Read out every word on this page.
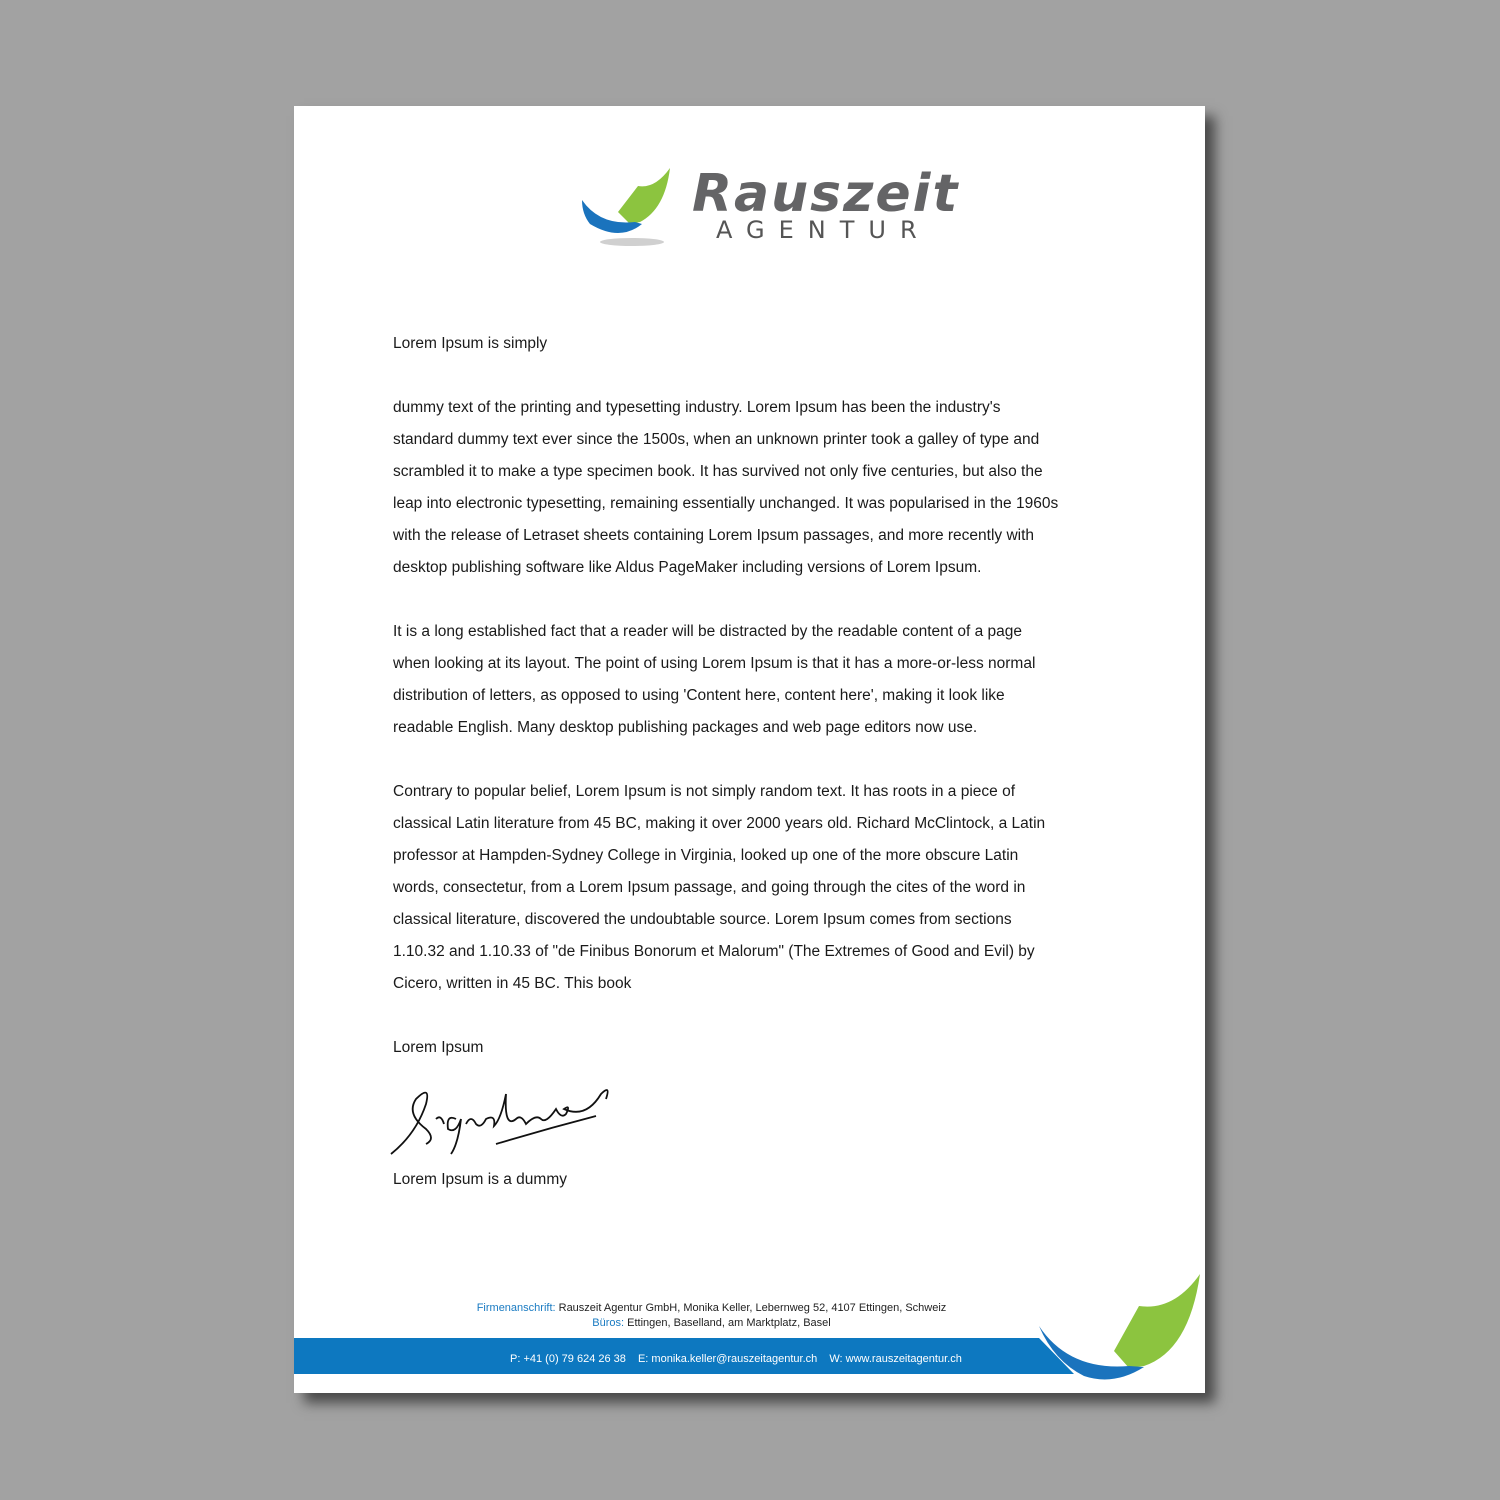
Rauszeit
AGENTUR
Lorem Ipsum is simply
dummy text of the printing and typesetting industry. Lorem Ipsum has been the industry's
standard dummy text ever since the 1500s, when an unknown printer took a galley of type and
scrambled it to make a type specimen book. It has survived not only five centuries, but also the
leap into electronic typesetting, remaining essentially unchanged. It was popularised in the 1960s
with the release of Letraset sheets containing Lorem Ipsum passages, and more recently with
desktop publishing software like Aldus PageMaker including versions of Lorem Ipsum.
It is a long established fact that a reader will be distracted by the readable content of a page
when looking at its layout. The point of using Lorem Ipsum is that it has a more-or-less normal
distribution of letters, as opposed to using 'Content here, content here', making it look like
readable English. Many desktop publishing packages and web page editors now use.
Contrary to popular belief, Lorem Ipsum is not simply random text. It has roots in a piece of
classical Latin literature from 45 BC, making it over 2000 years old. Richard McClintock, a Latin
professor at Hampden-Sydney College in Virginia, looked up one of the more obscure Latin
words, consectetur, from a Lorem Ipsum passage, and going through the cites of the word in
classical literature, discovered the undoubtable source. Lorem Ipsum comes from sections
1.10.32 and 1.10.33 of "de Finibus Bonorum et Malorum" (The Extremes of Good and Evil) by
Cicero, written in 45 BC. This book
Lorem Ipsum
Lorem Ipsum is a dummy
Firmenanschrift: Rauszeit Agentur GmbH, Monika Keller, Lebernweg 52, 4107 Ettingen, Schweiz
Büros: Ettingen, Baselland, am Marktplatz, Basel
P: +41 (0) 79 624 26 38 E: monika.keller@rauszeitagentur.ch W: www.rauszeitagentur.ch
